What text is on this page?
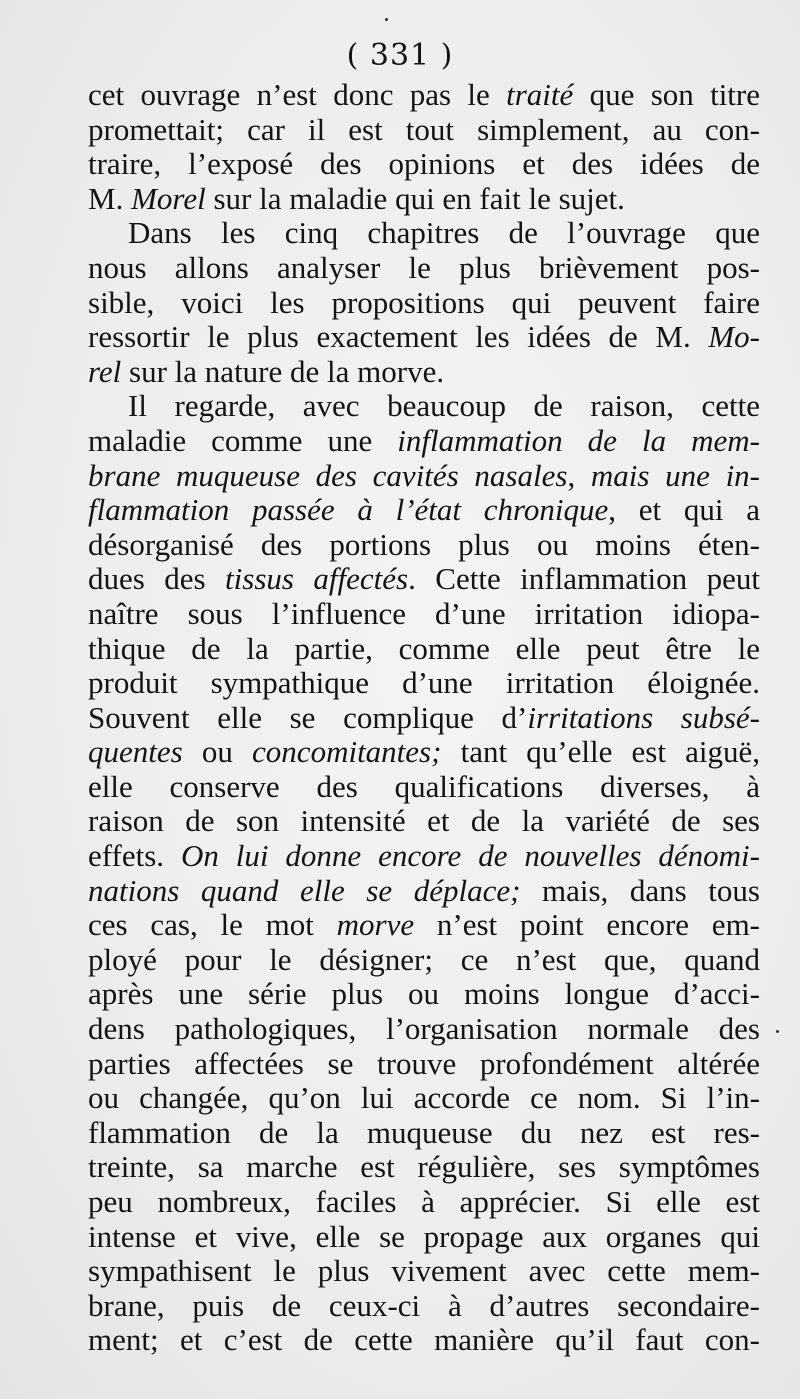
( 331 )
cet ouvrage n’est donc pas le traité que son titre
promettait; car il est tout simplement, au con-
traire, l’exposé des opinions et des idées de
M. Morel sur la maladie qui en fait le sujet.
Dans les cinq chapitres de l’ouvrage que
nous allons analyser le plus brièvement pos-
sible, voici les propositions qui peuvent faire
ressortir le plus exactement les idées de M. Mo-
rel sur la nature de la morve.
Il regarde, avec beaucoup de raison, cette
maladie comme une inflammation de la mem-
brane muqueuse des cavités nasales, mais une in-
flammation passée à l’état chronique, et qui a
désorganisé des portions plus ou moins éten-
dues des tissus affectés. Cette inflammation peut
naître sous l’influence d’une irritation idiopa-
thique de la partie, comme elle peut être le
produit sympathique d’une irritation éloignée.
Souvent elle se complique d’irritations subsé-
quentes ou concomitantes; tant qu’elle est aiguë,
elle conserve des qualifications diverses, à
raison de son intensité et de la variété de ses
effets. On lui donne encore de nouvelles dénomi-
nations quand elle se déplace; mais, dans tous
ces cas, le mot morve n’est point encore em-
ployé pour le désigner; ce n’est que, quand
après une série plus ou moins longue d’acci-
dens pathologiques, l’organisation normale des
parties affectées se trouve profondément altérée
ou changée, qu’on lui accorde ce nom. Si l’in-
flammation de la muqueuse du nez est res-
treinte, sa marche est régulière, ses symptômes
peu nombreux, faciles à apprécier. Si elle est
intense et vive, elle se propage aux organes qui
sympathisent le plus vivement avec cette mem-
brane, puis de ceux-ci à d’autres secondaire-
ment; et c’est de cette manière qu’il faut con-
